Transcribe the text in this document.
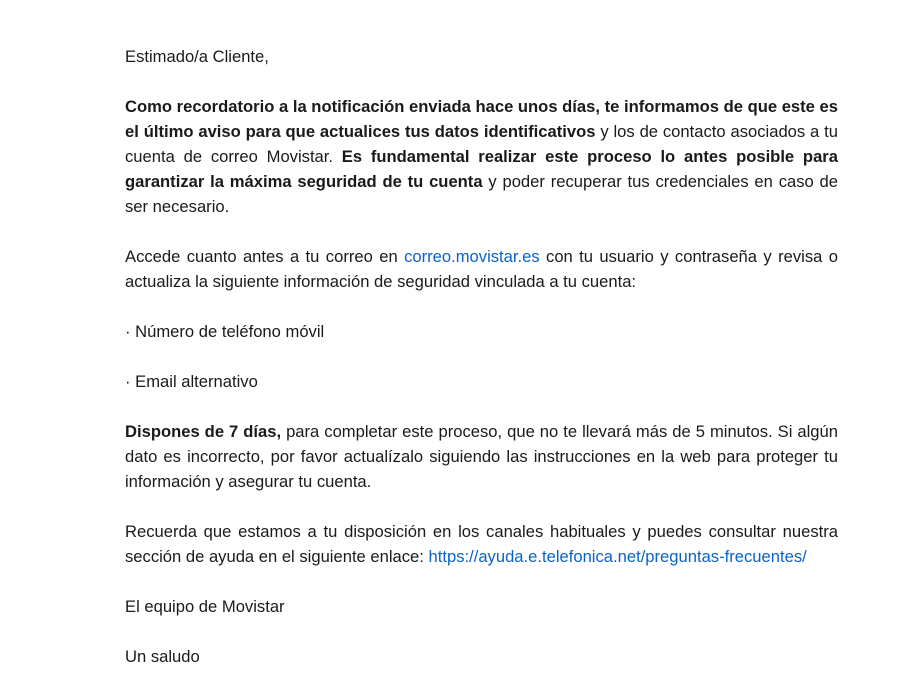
Estimado/a Cliente,

Como recordatorio a la notificación enviada hace unos días, te informamos de que este es el último aviso para que actualices tus datos identificativos y los de contacto asociados a tu cuenta de correo Movistar. Es fundamental realizar este proceso lo antes posible para garantizar la máxima seguridad de tu cuenta y poder recuperar tus credenciales en caso de ser necesario.

Accede cuanto antes a tu correo en correo.movistar.es con tu usuario y contraseña y revisa o actualiza la siguiente información de seguridad vinculada a tu cuenta:

· Número de teléfono móvil

· Email alternativo

Dispones de 7 días, para completar este proceso, que no te llevará más de 5 minutos. Si algún dato es incorrecto, por favor actualízalo siguiendo las instrucciones en la web para proteger tu información y asegurar tu cuenta.

Recuerda que estamos a tu disposición en los canales habituales y puedes consultar nuestra sección de ayuda en el siguiente enlace: https://ayuda.e.telefonica.net/preguntas-frecuentes/

El equipo de Movistar

Un saludo
